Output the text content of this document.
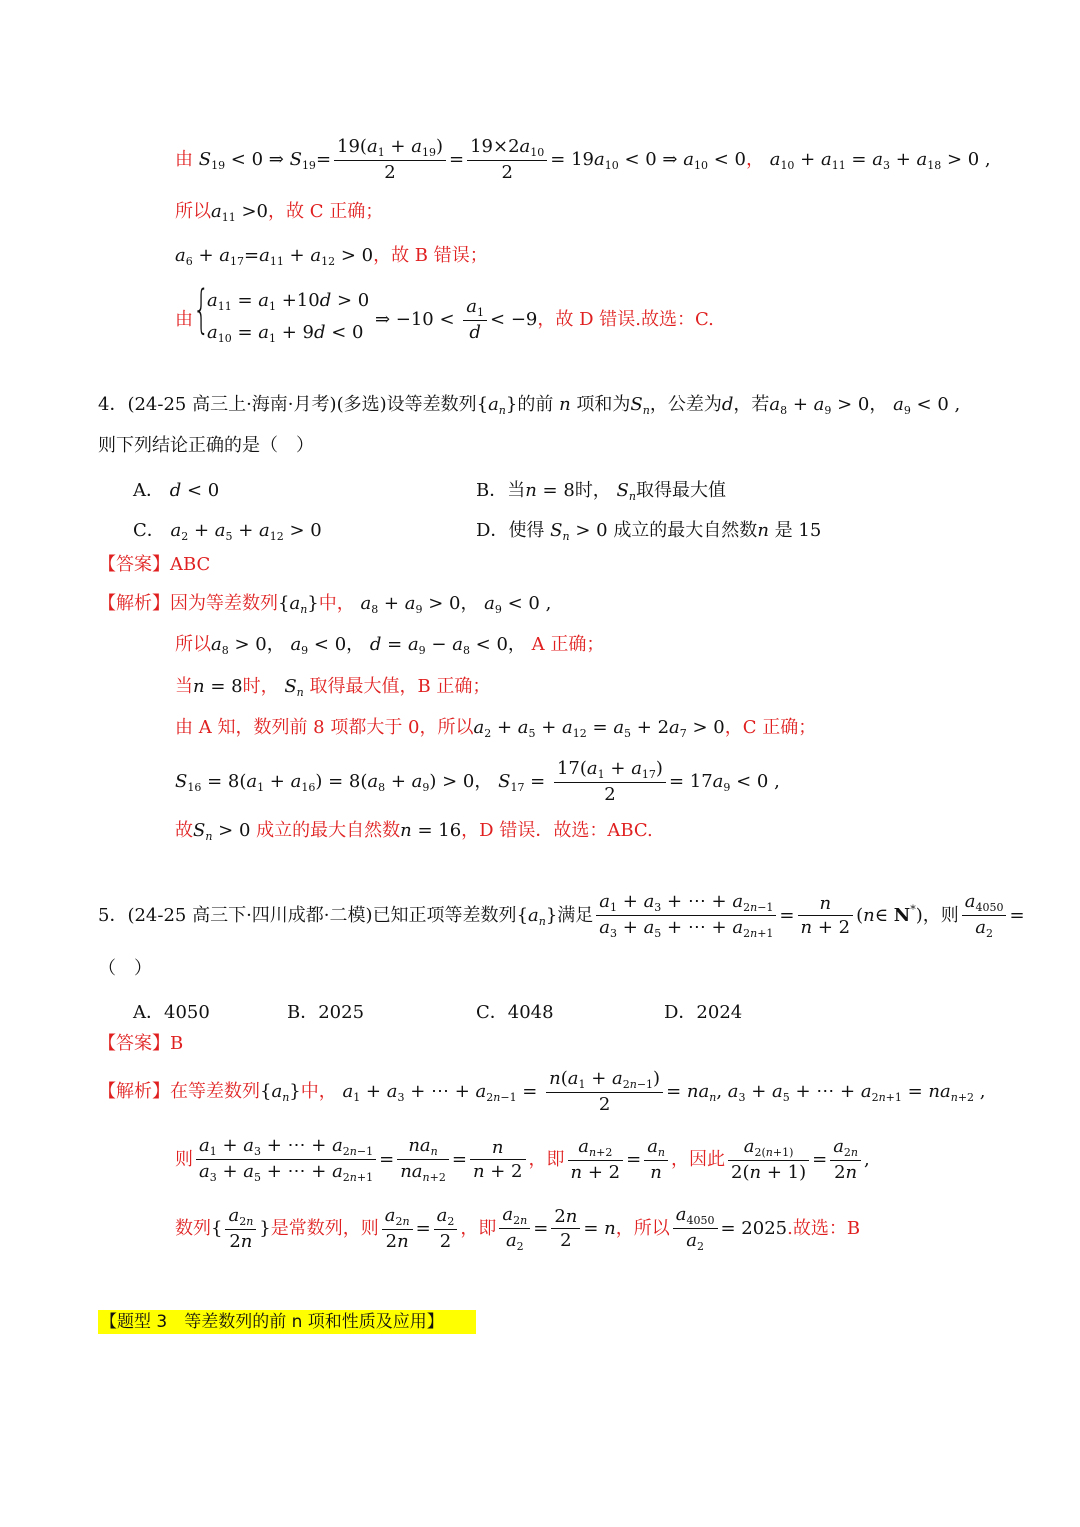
由 $S_{19} < 0$ ⇒ $S_{19}= \frac{19(a_1 + a_{19})}{2} = \frac{19\times 2a_{10}}{2} = 19a_{10} < 0$ ⇒ $a_{10} < 0$， $a_{10} + a_{11} = a_3 + a_{18} > 0$ ,
所以$a_{11} >0$，故 C 正确；
$a_6 + a_{17}=a_{11} + a_{12} > 0$，故 B 错误；
由 {
$a_{11} = a_1 +10d > 0$
$a_{10} = a_1 + 9d < 0$
⇒ $-10 < \frac{a_1}{d} < -9$，故 D 错误.故选：C.
4．(24-25 高三上·海南·月考)(多选)设等差数列$\{a_n\}$的前 n 项和为$S_n$，公差为d，若$a_8 + a_9 > 0$， $a_9 < 0$ ,
则下列结论正确的是（　）
A． d < 0	B．当n = 8时， $S_n$取得最大值
C． $a_2 + a_5 + a_{12} > 0$	D．使得 $S_n > 0$ 成立的最大自然数n 是 15
【答案】ABC
【解析】因为等差数列$\{a_n\}$中， $a_8 + a_9 > 0$， $a_9 < 0$ ,
所以$a_8 > 0$， $a_9 < 0$， $d = a_9 - a_8 < 0$， A 正确；
当n = 8时， $S_n$ 取得最大值，B 正确；
由 A 知，数列前 8 项都大于 0，所以$a_2 + a_5 + a_{12} = a_5 + 2a_7 > 0$，C 正确；
$S_{16} = 8(a_1 + a_{16}) = 8(a_8 + a_9) > 0$， $S_{17} = \frac{17(a_1 + a_{17})}{2} = 17a_9 < 0$ ,
故$S_n > 0$ 成立的最大自然数n = 16，D 错误．故选：ABC.
5．(24-25 高三下·四川成都·二模)已知正项等差数列$\{a_n\}$满足 $\frac{a_1 + a_3 + \cdots + a_{2n-1}}{a_3 + a_5 + \cdots + a_{2n+1}} = \frac{n}{n + 2}$ (n∈ N*)，则 $\frac{a_{4050}}{a_2}$ =
（　）
A．4050	B．2025	C．4048	D．2024
【答案】B
【解析】在等差数列$\{a_n\}$中， $a_1 + a_3$ + ⋯ + $a_{2n-1} = \frac{n(a_1 + a_{2n-1})}{2} = na_n$, $a_3 + a_5$ + ⋯ + $a_{2n+1} = na_{n+2}$ ,
则 $\frac{a_1 + a_3 + \cdots + a_{2n-1}}{a_3 + a_5 + \cdots + a_{2n+1}} = \frac{na_n}{na_{n+2}} = \frac{n}{n + 2}$ ，即 $\frac{a_{n+2}}{n + 2} = \frac{a_n}{n}$ ，因此 $\frac{a_{2(n+1)}}{2(n + 1)} = \frac{a_{2n}}{2n}$ ,
数列{ $\frac{a_{2n}}{2n}$ }是常数列，则 $\frac{a_{2n}}{2n} = \frac{a_2}{2}$ ，即 $\frac{a_{2n}}{a_2} = \frac{2n}{2} = n$，所以 $\frac{a_{4050}}{a_2} = 2025$.故选：B
【题型 3　等差数列的前 n 项和性质及应用】
